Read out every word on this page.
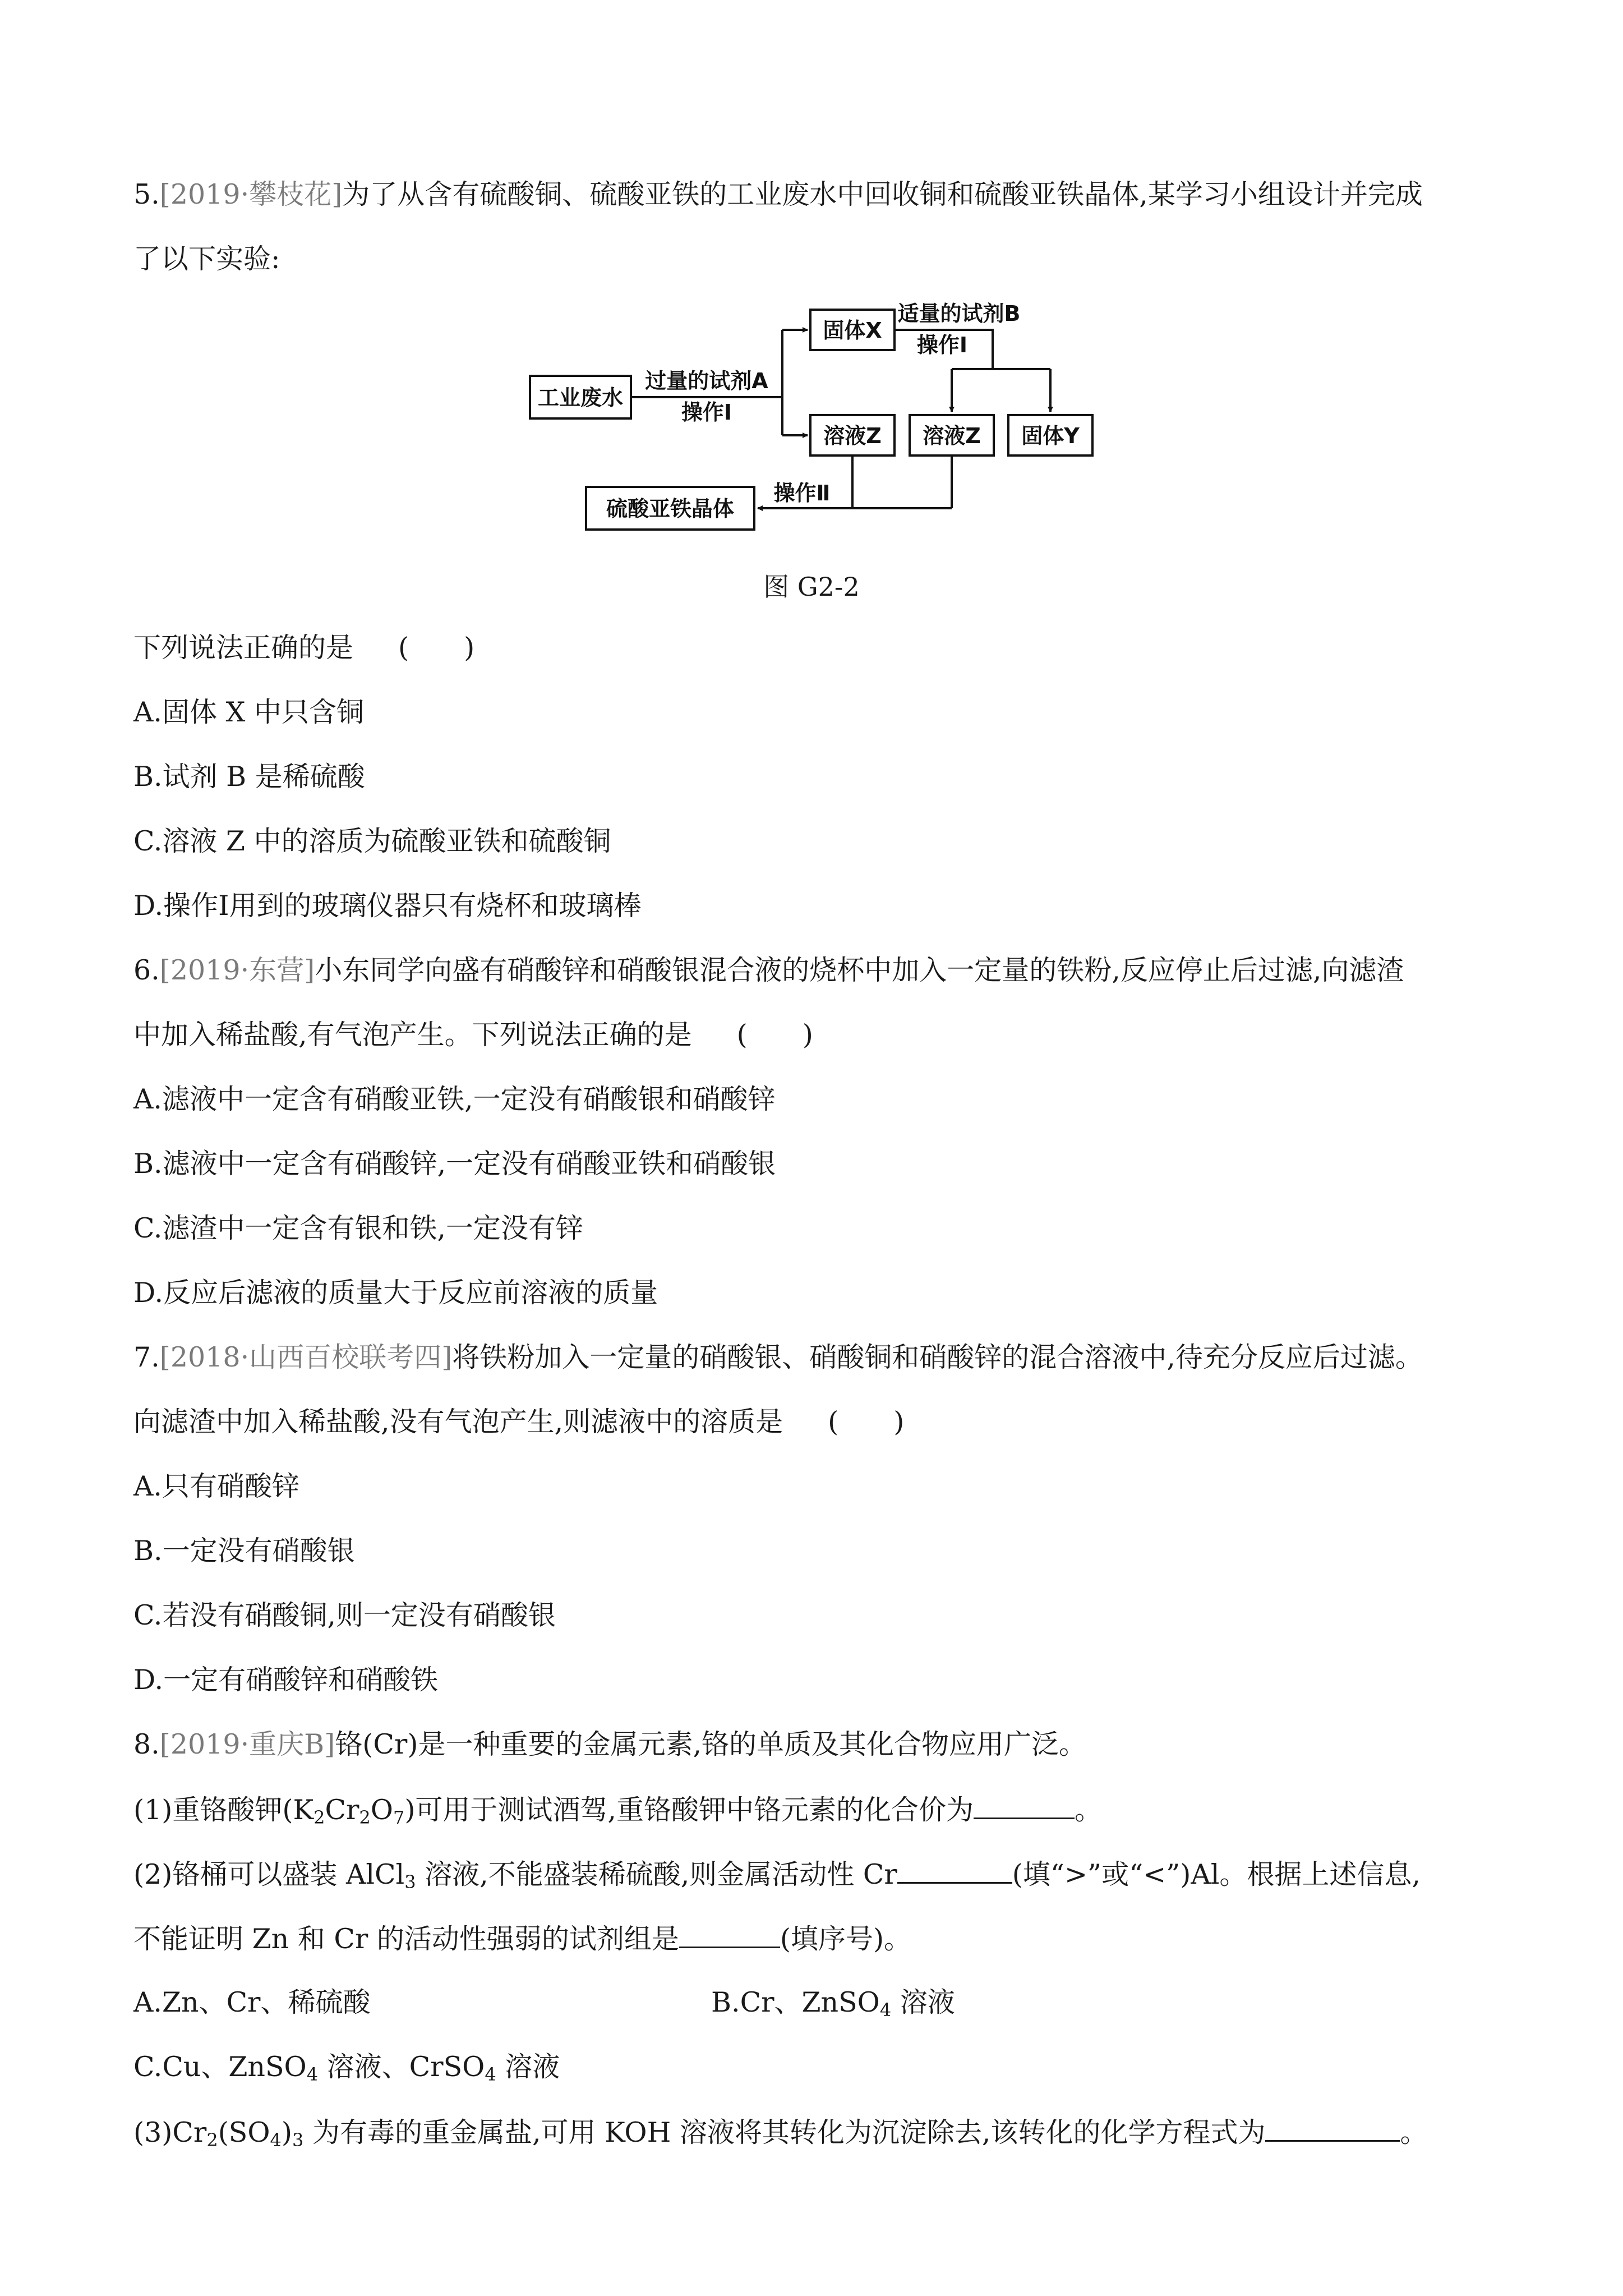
5.[2019·攀枝花]为了从含有硫酸铜、硫酸亚铁的工业废水中回收铜和硫酸亚铁晶体,某学习小组设计并完成
了以下实验:
工业废水
过量的试剂A
操作Ⅰ
固体X
适量的试剂B
操作Ⅰ
溶液Z 溶液Z 固体Y
操作Ⅱ
硫酸亚铁晶体
图 G2-2
下列说法正确的是 (　　)
A.固体 X 中只含铜
B.试剂 B 是稀硫酸
C.溶液 Z 中的溶质为硫酸亚铁和硫酸铜
D.操作Ⅰ用到的玻璃仪器只有烧杯和玻璃棒
6.[2019·东营]小东同学向盛有硝酸锌和硝酸银混合液的烧杯中加入一定量的铁粉,反应停止后过滤,向滤渣
中加入稀盐酸,有气泡产生。下列说法正确的是 (　　)
A.滤液中一定含有硝酸亚铁,一定没有硝酸银和硝酸锌
B.滤液中一定含有硝酸锌,一定没有硝酸亚铁和硝酸银
C.滤渣中一定含有银和铁,一定没有锌
D.反应后滤液的质量大于反应前溶液的质量
7.[2018·山西百校联考四]将铁粉加入一定量的硝酸银、硝酸铜和硝酸锌的混合溶液中,待充分反应后过滤。
向滤渣中加入稀盐酸,没有气泡产生,则滤液中的溶质是 (　　)
A.只有硝酸锌
B.一定没有硝酸银
C.若没有硝酸铜,则一定没有硝酸银
D.一定有硝酸锌和硝酸铁
8.[2019·重庆B]铬(Cr)是一种重要的金属元素,铬的单质及其化合物应用广泛。
(1)重铬酸钾$(K_2Cr_2O_7)$可用于测试酒驾,重铬酸钾中铬元素的化合价为	。
(2)铬桶可以盛装 AlCl$_3$ 溶液,不能盛装稀硫酸,则金属活动性 Cr	(填“>”或“<”)Al。根据上述信息,
不能证明 Zn 和 Cr 的活动性强弱的试剂组是	(填序号)。
A.Zn、Cr、稀硫酸	B.Cr、ZnSO$_4$ 溶液
C.Cu、ZnSO$_4$ 溶液、CrSO$_4$ 溶液
$(3)Cr_2(SO_4)_3$ 为有毒的重金属盐,可用 KOH 溶液将其转化为沉淀除去,该转化的化学方程式为	。
